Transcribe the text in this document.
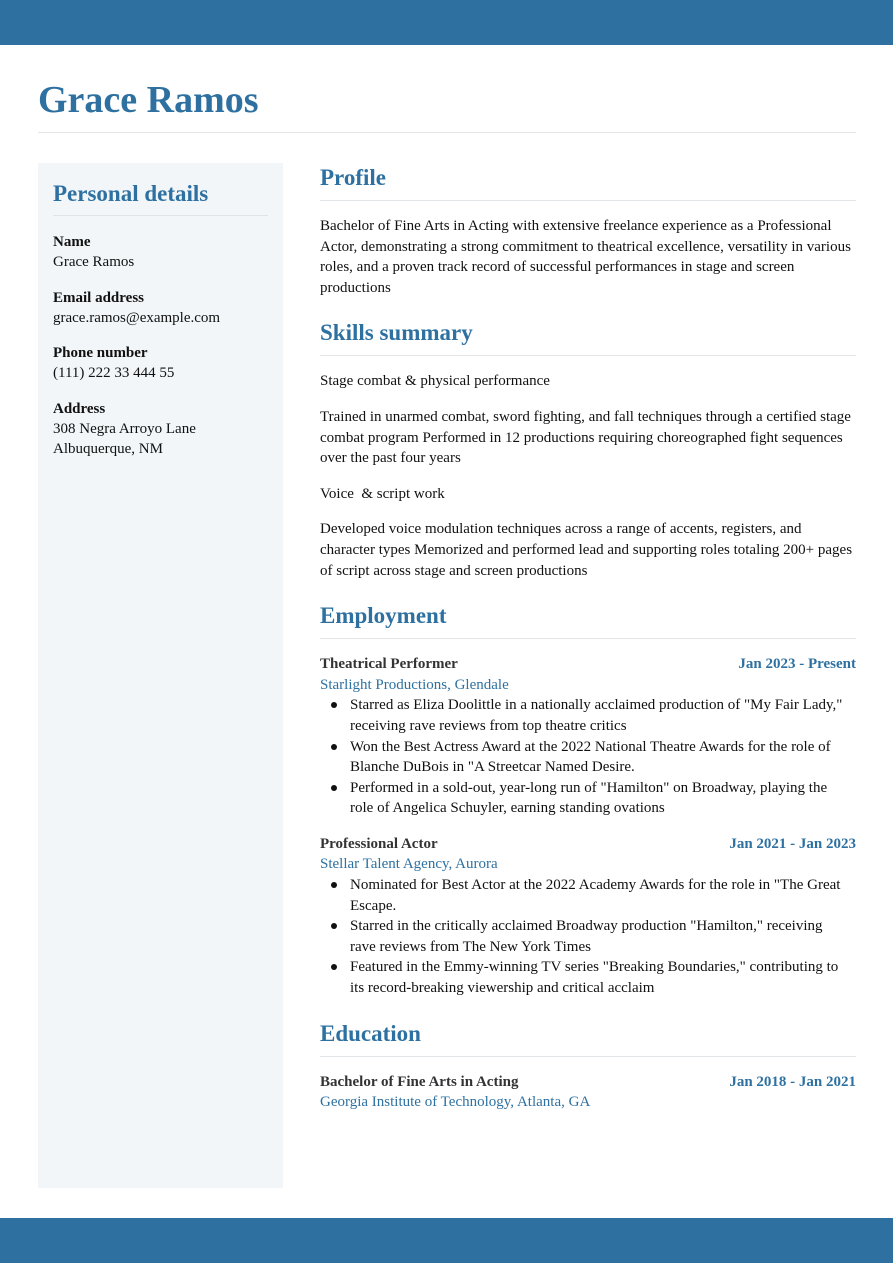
Grace Ramos
Personal details
Name
Grace Ramos
Email address
grace.ramos@example.com
Phone number
(111) 222 33 444 55
Address
308 Negra Arroyo Lane
Albuquerque, NM
Profile

Bachelor of Fine Arts in Acting with extensive freelance experience as a Professional Actor, demonstrating a strong commitment to theatrical excellence, versatility in various roles, and a proven track record of successful performances in stage and screen productions

Skills summary

Stage combat & physical performance

Trained in unarmed combat, sword fighting, and fall techniques through a certified stage combat program Performed in 12 productions requiring choreographed fight sequences over the past four years

Voice  & script work

Developed voice modulation techniques across a range of accents, registers, and character types Memorized and performed lead and supporting roles totaling 200+ pages of script across stage and screen productions

Employment
Theatrical Performer	Jan 2023 - Present
Starlight Productions, Glendale
Starred as Eliza Doolittle in a nationally acclaimed production of "My Fair Lady," receiving rave reviews from top theatre critics
Won the Best Actress Award at the 2022 National Theatre Awards for the role of Blanche DuBois in "A Streetcar Named Desire.
Performed in a sold-out, year-long run of "Hamilton" on Broadway, playing the role of Angelica Schuyler, earning standing ovations
Professional Actor	Jan 2021 - Jan 2023
Stellar Talent Agency, Aurora
Nominated for Best Actor at the 2022 Academy Awards for the role in "The Great Escape.
Starred in the critically acclaimed Broadway production "Hamilton," receiving rave reviews from The New York Times
Featured in the Emmy-winning TV series "Breaking Boundaries," contributing to its record-breaking viewership and critical acclaim
Education
Bachelor of Fine Arts in Acting	Jan 2018 - Jan 2021
Georgia Institute of Technology, Atlanta, GA
